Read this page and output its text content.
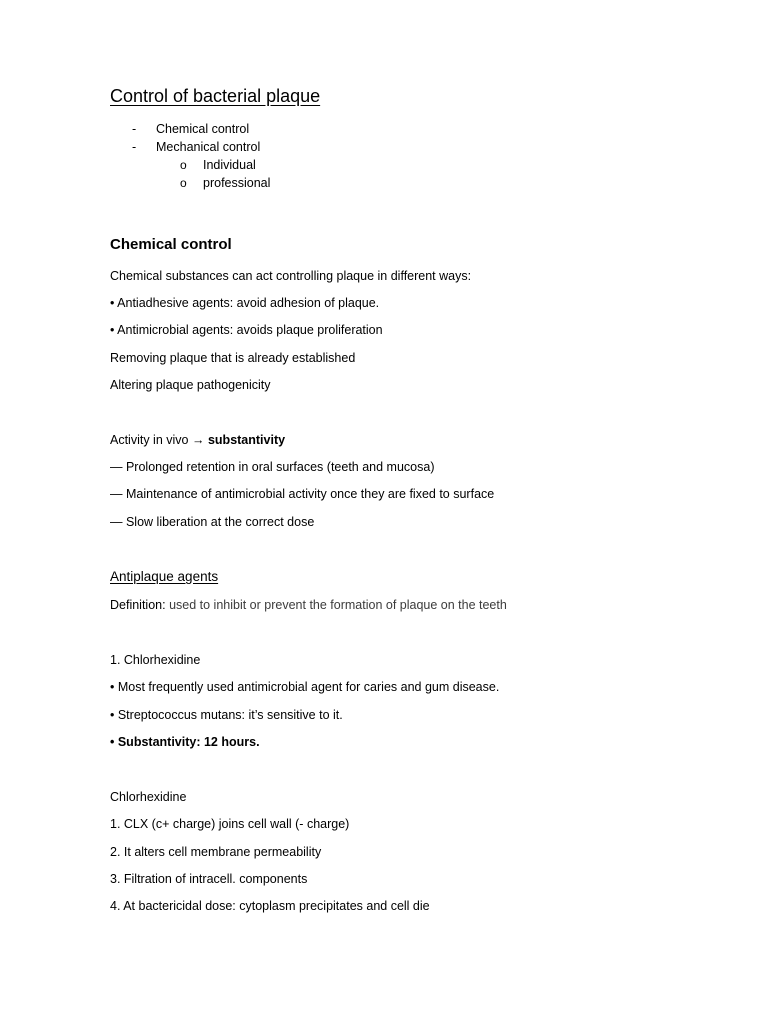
Control of bacterial plaque
- Chemical control
- Mechanical control
o Individual
o professional
Chemical control
Chemical substances can act controlling plaque in different ways:
• Antiadhesive agents: avoid adhesion of plaque.
• Antimicrobial agents: avoids plaque proliferation
Removing plaque that is already established
Altering plaque pathogenicity
Activity in vivo → substantivity
— Prolonged retention in oral surfaces (teeth and mucosa)
— Maintenance of antimicrobial activity once they are fixed to surface
— Slow liberation at the correct dose
Antiplaque agents
Definition: used to inhibit or prevent the formation of plaque on the teeth
1. Chlorhexidine
• Most frequently used antimicrobial agent for caries and gum disease.
• Streptococcus mutans: it’s sensitive to it.
• Substantivity: 12 hours.
Chlorhexidine
1. CLX (c+ charge) joins cell wall (- charge)
2. It alters cell membrane permeability
3. Filtration of intracell. components
4. At bactericidal dose: cytoplasm precipitates and cell die
